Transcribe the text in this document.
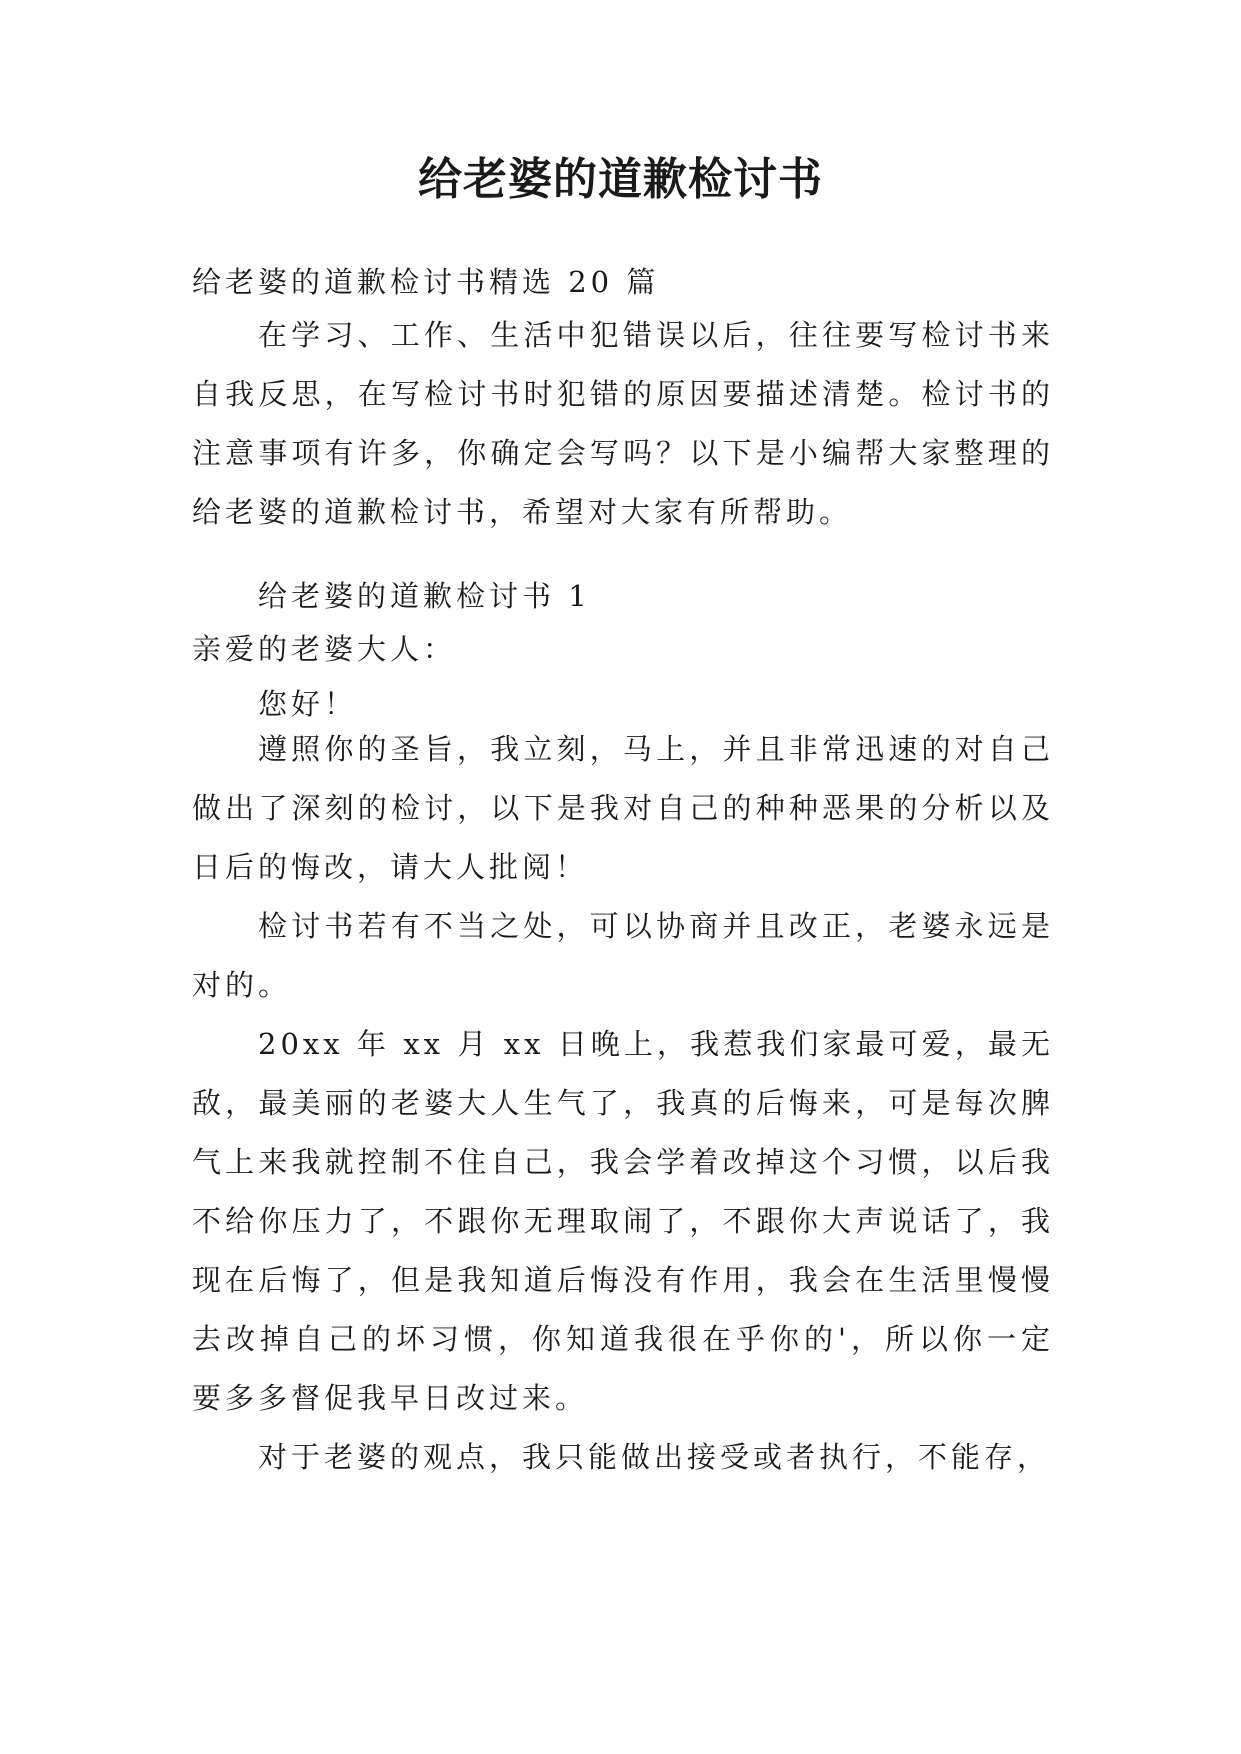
给老婆的道歉检讨书

给老婆的道歉检讨书精选 20 篇

在学习、工作、生活中犯错误以后，往往要写检讨书来自我反思，在写检讨书时犯错的原因要描述清楚。检讨书的注意事项有许多，你确定会写吗？以下是小编帮大家整理的给老婆的道歉检讨书，希望对大家有所帮助。

给老婆的道歉检讨书 1

亲爱的老婆大人：

您好！

遵照你的圣旨，我立刻，马上，并且非常迅速的对自己做出了深刻的检讨，以下是我对自己的种种恶果的分析以及日后的悔改，请大人批阅！

检讨书若有不当之处，可以协商并且改正，老婆永远是对的。

20xx 年 xx 月 xx 日晚上，我惹我们家最可爱，最无敌，最美丽的老婆大人生气了，我真的后悔来，可是每次脾气上来我就控制不住自己，我会学着改掉这个习惯，以后我不给你压力了，不跟你无理取闹了，不跟你大声说话了，我现在后悔了，但是我知道后悔没有作用，我会在生活里慢慢去改掉自己的坏习惯，你知道我很在乎你的'，所以你一定要多多督促我早日改过来。

对于老婆的观点，我只能做出接受或者执行，不能存，
